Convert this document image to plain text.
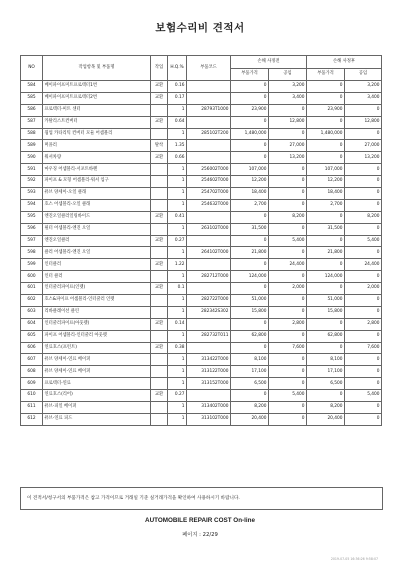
보험수리비 견적서
NO	작업항목 및 부품명	작업	H.Q.%	부품코드	손해 사정전		손해 사정후	
					부품가격	공임	부품가격	공임
584	베이파이프미트프로텍터1번	교환	0.16		0	3,200	0	3,200
585	베이파이프미트프로텍터2번	교환	0.17		0	3,400	0	3,400
586	프로텍터-미트 센터		1	28793T1000	23,900	0	23,900	0
587	카탈리스트컨버터	교환	0.64		0	12,800	0	12,800
588	웜업 카타리틱 컨버터 모듈 어셈블리		1	285102T200	1,480,000	0	1,480,000	0
589	머플러	탈착	1.35		0	27,000	0	27,000
590	워셔차량	교환	0.66		0	13,200	0	13,200
591	마우징 어셈블리-서포트바렌		1	256002T000	107,000	0	107,000	0
592	파이프 & 모형 어셈블리-워셔 입구		1	254602T000	12,200	0	12,200	0
593	퓨브 양세이-오일 클래		1	254702T000	18,400	0	18,400	0
594	호스 어셈블리-오일 클래		1	254632T000	2,700	0	2,700	0
595	엔진오일클러일링바이드	교환	0.41		0	8,200	0	8,200
596	필터 어셈블리-엔진 오일		1	263102T000	31,500	0	31,500	0
597	엔진오일클러	교환	0.27		0	5,400	0	5,400
598	클러 어셈블리-엔진 오일		1	264102T000	21,800	0	21,800	0
599	인터클러	교환	1.22		0	24,400	0	24,400
600	인터 클러		1	282712T000	124,000	0	124,000	0
601	인터쿨러파이프(인렛)	교환	0.1		0	2,000	0	2,000
602	호스&파이프 어셈블리-인터쿨러 인렛		1	282722T000	51,000	0	51,000	0
603	리바클레이션 클린		1	282342S302	15,800	0	15,800	0
604	인터쿨러파이프(아웃렛)	교환	0.14		0	2,800	0	2,800
605	파이프 어셈블리-인터쿨러 아웃렛		1	282732T011	62,800	0	62,800	0
606	연료호스(프런트)	교환	0.38		0	7,600	0	7,600
607	퓨브 양세이-연료 베이퍼		1	313422T000	8,100	0	8,100	0
608	퓨브 양세이-연료 베이퍼		1	313122T000	17,100	0	17,100	0
609	프로텍터-연료		1	313152T000	6,500	0	6,500	0
610	연료호스(리어)	교환	0.27		0	5,400	0	5,400
611	퓨브-피일 베이퍼		1	313402T000	8,200	0	8,200	0
612	퓨브-연료 피드		1	313102T000	20,400	0	20,400	0
이 견적서/청구서의 부품가격은 참고 가격이므로 거래일 기준 실거래가격을 확인하여 사용하시기 바랍니다.
AUTOMOBILE REPAIR COST On-line
페이지 : 22/29
2019-07-05 16:36:26 9:58:07
